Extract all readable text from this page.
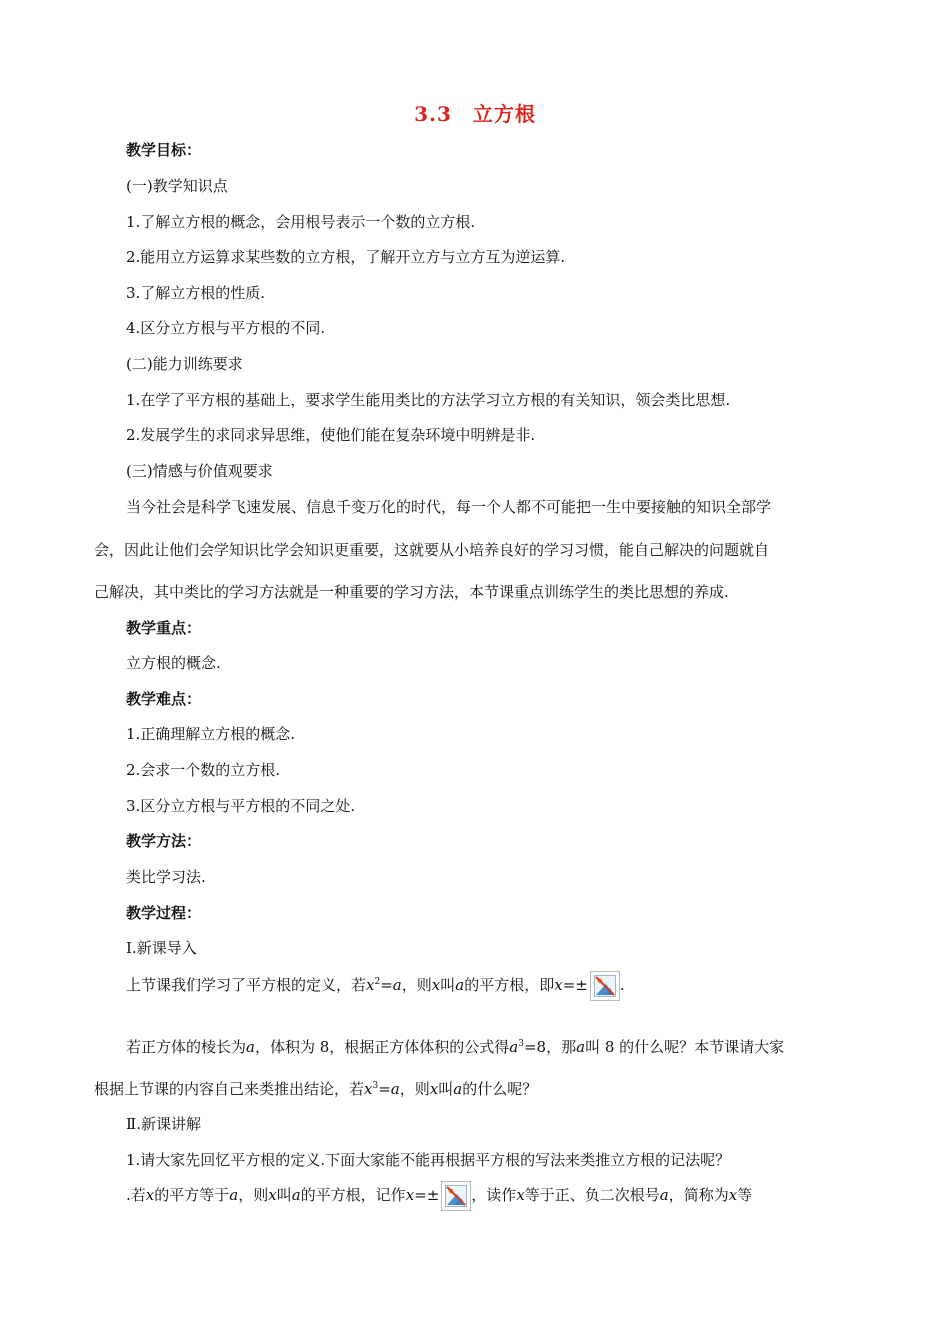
3.3　立方根
教学目标：
(一)教学知识点
1.了解立方根的概念，会用根号表示一个数的立方根.
2.能用立方运算求某些数的立方根，了解开立方与立方互为逆运算.
3.了解立方根的性质.
4.区分立方根与平方根的不同.
(二)能力训练要求
1.在学了平方根的基础上，要求学生能用类比的方法学习立方根的有关知识，领会类比思想.
2.发展学生的求同求异思维，使他们能在复杂环境中明辨是非.
(三)情感与价值观要求
当今社会是科学飞速发展、信息千变万化的时代，每一个人都不可能把一生中要接触的知识全部学
会，因此让他们会学知识比学会知识更重要，这就要从小培养良好的学习习惯，能自己解决的问题就自
己解决，其中类比的学习方法就是一种重要的学习方法，本节课重点训练学生的类比思想的养成.
教学重点：
立方根的概念.
教学难点：
1.正确理解立方根的概念.
2.会求一个数的立方根.
3.区分立方根与平方根的不同之处.
教学方法：
类比学习法.
教学过程：
Ⅰ.新课导入
上节课我们学习了平方根的定义，若$x^2=a$，则x叫a的平方根，即x=± .
若正方体的棱长为a，体积为 8，根据正方体体积的公式得$a^3=8$，那a叫 8 的什么呢？本节课请大家
根据上节课的内容自己来类推出结论，若$x^3=a$，则x叫a的什么呢？
Ⅱ.新课讲解
1.请大家先回忆平方根的定义.下面大家能不能再根据平方根的写法来类推立方根的记法呢？
.若x的平方等于a，则x叫a的平方根，记作x=± ，读作x等于正、负二次根号a，简称为x等
